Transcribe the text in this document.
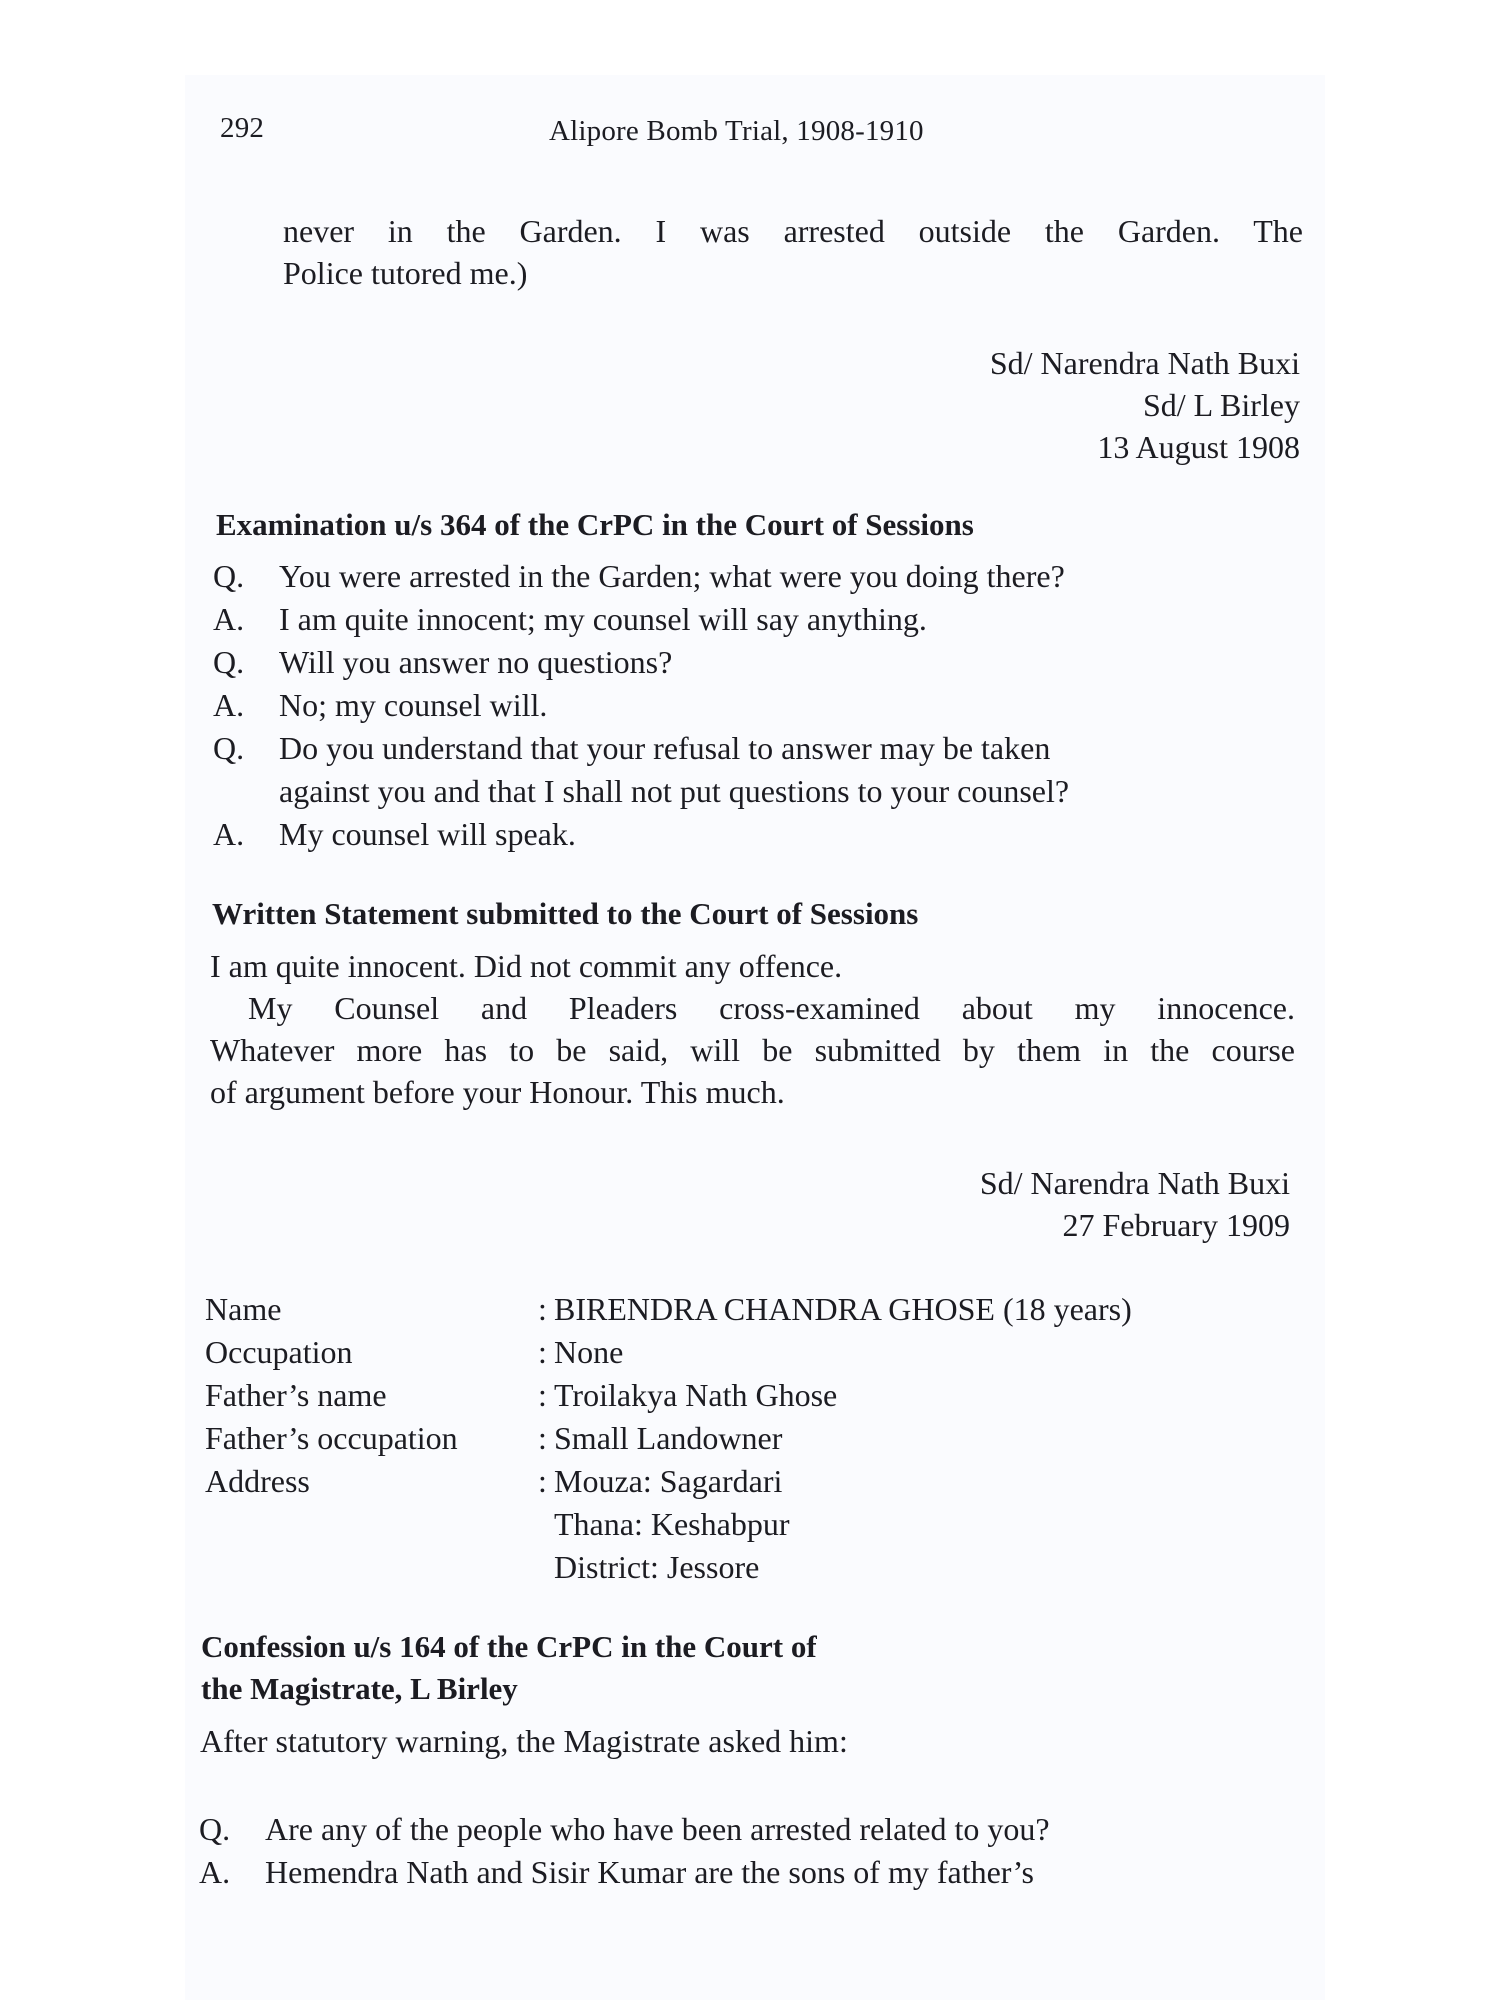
292	Alipore Bomb Trial, 1908-1910
never in the Garden. I was arrested outside the Garden. The
Police tutored me.)
Sd/ Narendra Nath Buxi
Sd/ L Birley
13 August 1908
Examination u/s 364 of the CrPC in the Court of Sessions
Q.	You were arrested in the Garden; what were you doing there?
A.	I am quite innocent; my counsel will say anything.
Q.	Will you answer no questions?
A.	No; my counsel will.
Q.	Do you understand that your refusal to answer may be taken
against you and that I shall not put questions to your counsel?
A.	My counsel will speak.
Written Statement submitted to the Court of Sessions
I am quite innocent. Did not commit any offence.
My Counsel and Pleaders cross-examined about my innocence.
Whatever more has to be said, will be submitted by them in the course
of argument before your Honour. This much.
Sd/ Narendra Nath Buxi
27 February 1909
Name	: BIRENDRA CHANDRA GHOSE (18 years)
Occupation	: None
Father’s name	: Troilakya Nath Ghose
Father’s occupation	: Small Landowner
Address	: Mouza: Sagardari
Thana: Keshabpur
District: Jessore
Confession u/s 164 of the CrPC in the Court of
the Magistrate, L Birley
After statutory warning, the Magistrate asked him:
Q.	Are any of the people who have been arrested related to you?
A.	Hemendra Nath and Sisir Kumar are the sons of my father’s
